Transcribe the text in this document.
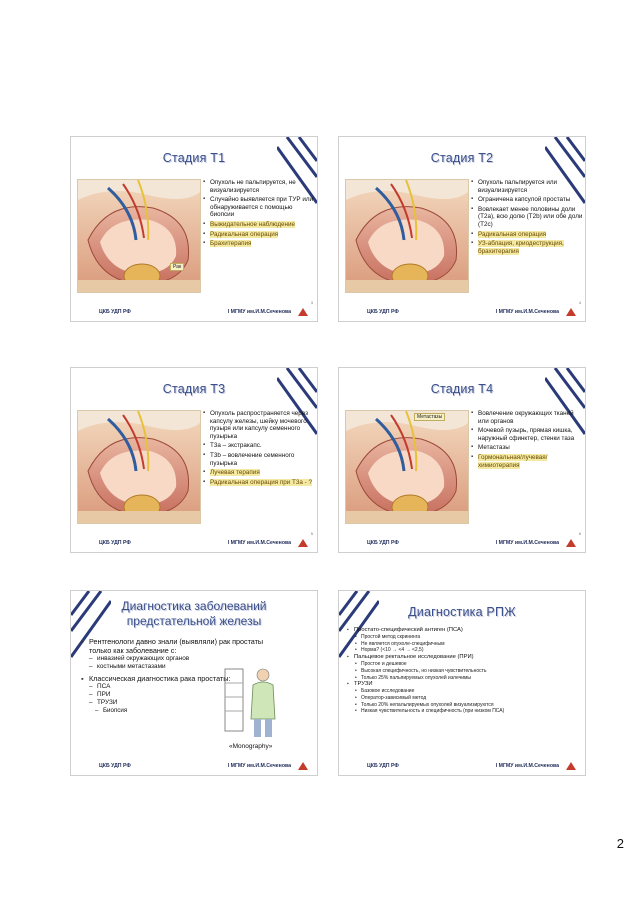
Стадия T1
Рак
▪ Опухоль не пальпируется, не визуализируется
▪ Случайно выявляется при ТУР или обнаруживается с помощью биопсии
▪ Выжидательное наблюдение
▪ Радикальная операция
▪ Брахитерапия
3
ЦКБ УДП РФ	I МГМУ им.И.М.Сеченова
Стадия T2
▪ Опухоль пальпируется или визуализируется
▪ Ограничена капсулой простаты
▪ Вовлекает менее половины доли (T2a), всю долю (T2b) или обе доли (T2c)
▪ Радикальная операция
▪ УЗ-аблация, криодеструкция, брахитерапия
4
ЦКБ УДП РФ	I МГМУ им.И.М.Сеченова
Стадия T3
▪ Опухоль распространяется через капсулу железы, шейку мочевого пузыря или капсулу семенного пузырька
▪ T3a – экстракапс.
▪ T3b – вовлечение семенного пузырька
▪ Лучевая терапия
▪ Радикальная операция при T3a - ?
5
ЦКБ УДП РФ	I МГМУ им.И.М.Сеченова
Стадия T4
Метастазы
▪	Вовлечение окружающих тканей или органов
▪ Мочевой пузырь, прямая кишка, наружный сфинктер, стенки таза
▪ Метастазы
▪ Гормональная/лучевая/химиотерапия
6
ЦКБ УДП РФ	I МГМУ им.И.М.Сеченова
Диагностика заболеваний предстательной железы
▪ Рентгенологи давно знали (выявляли) рак простаты только как заболевание с:
– инвазией окружающих органов
– костными метастазами
▪ Классическая диагностика рака простаты:
– ПСА
– ПРИ
– ТРУЗИ
– Биопсия
«Monography»
ЦКБ УДП РФ	I МГМУ им.И.М.Сеченова
Диагностика РПЖ
▪ Простато-специфический антиген (ПСА)
• Простой метод скрининга
• Не является опухоле-специфичным
• Норма? (<10 → <4 → <2,5)
▪ Пальцевое ректальное исследование (ПРИ)
• Простое и дешевое
• Высокая специфичность, но низкая чувствительность
• Только 25% пальпируемых опухолей излечимы
▪ ТРУЗИ
• Базовое исследование
• Оператор-зависимый метод
• Только 20% непальпируемых опухолей визуализируются
• Низкая чувствительность и специфичность (при низком ПСА)
ЦКБ УДП РФ	I МГМУ им.И.М.Сеченова
2
